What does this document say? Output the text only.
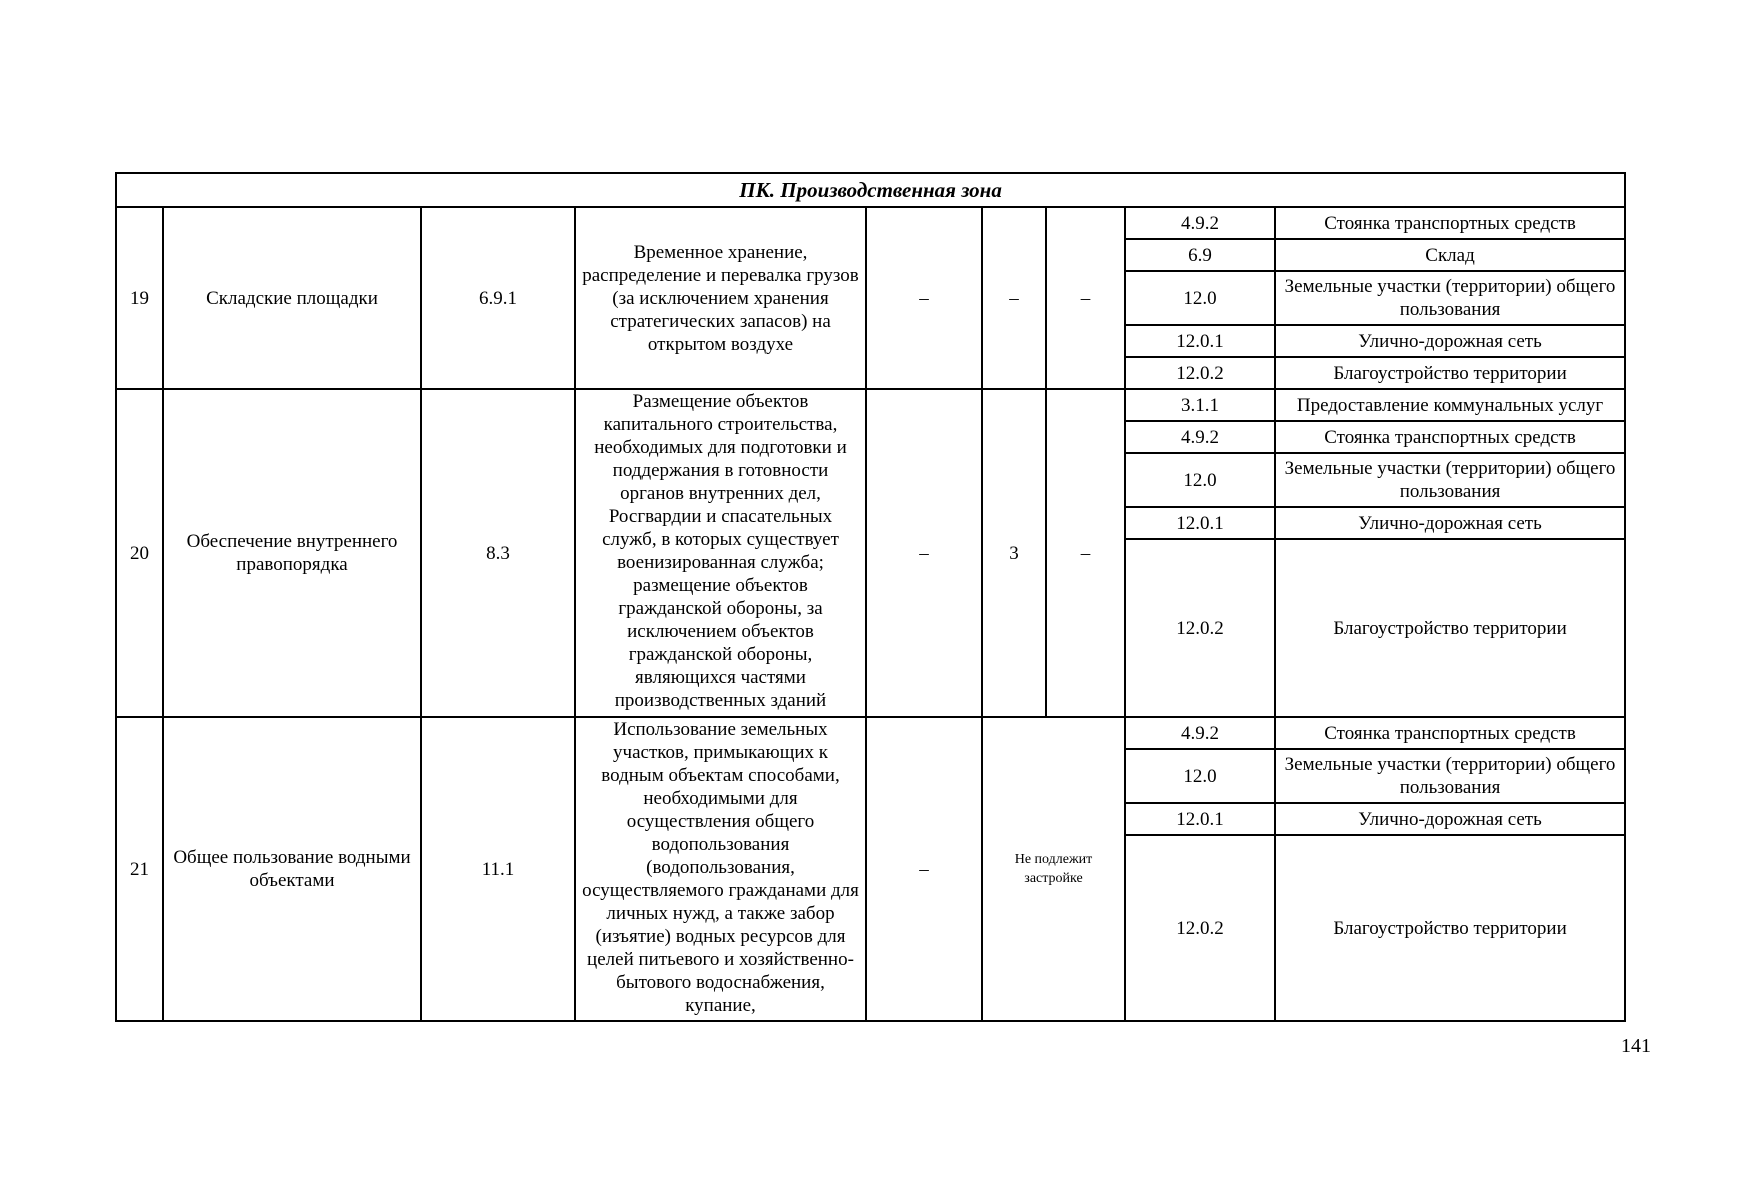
ПК. Производственная зона								
19	Складские площадки	6.9.1	Временное хранение, распределение и перевалка грузов (за исключением хранения стратегических запасов) на открытом воздухе	–	–	–	4.9.2	Стоянка транспортных средств
							6.9	Склад
							12.0	Земельные участки (территории) общего пользования
							12.0.1	Улично-дорожная сеть
							12.0.2	Благоустройство территории
20	Обеспечение внутреннего правопорядка	8.3	Размещение объектов капитального строительства, необходимых для подготовки и поддержания в готовности органов внутренних дел, Росгвардии и спасательных служб, в которых существует военизированная служба; размещение объектов гражданской обороны, за исключением объектов гражданской обороны, являющихся частями производственных зданий	–	3	–	3.1.1	Предоставление коммунальных услуг
							4.9.2	Стоянка транспортных средств
							12.0	Земельные участки (территории) общего пользования
							12.0.1	Улично-дорожная сеть
							12.0.2	Благоустройство территории
21	Общее пользование водными объектами	11.1	Использование земельных участков, примыкающих к водным объектам способами, необходимыми для осуществления общего водопользования (водопользования, осуществляемого гражданами для личных нужд, а также забор (изъятие) водных ресурсов для целей питьевого и хозяйственно-бытового водоснабжения, купание,	–	Не подлежит застройке		4.9.2	Стоянка транспортных средств
							12.0	Земельные участки (территории) общего пользования
							12.0.1	Улично-дорожная сеть
							12.0.2	Благоустройство территории
141
